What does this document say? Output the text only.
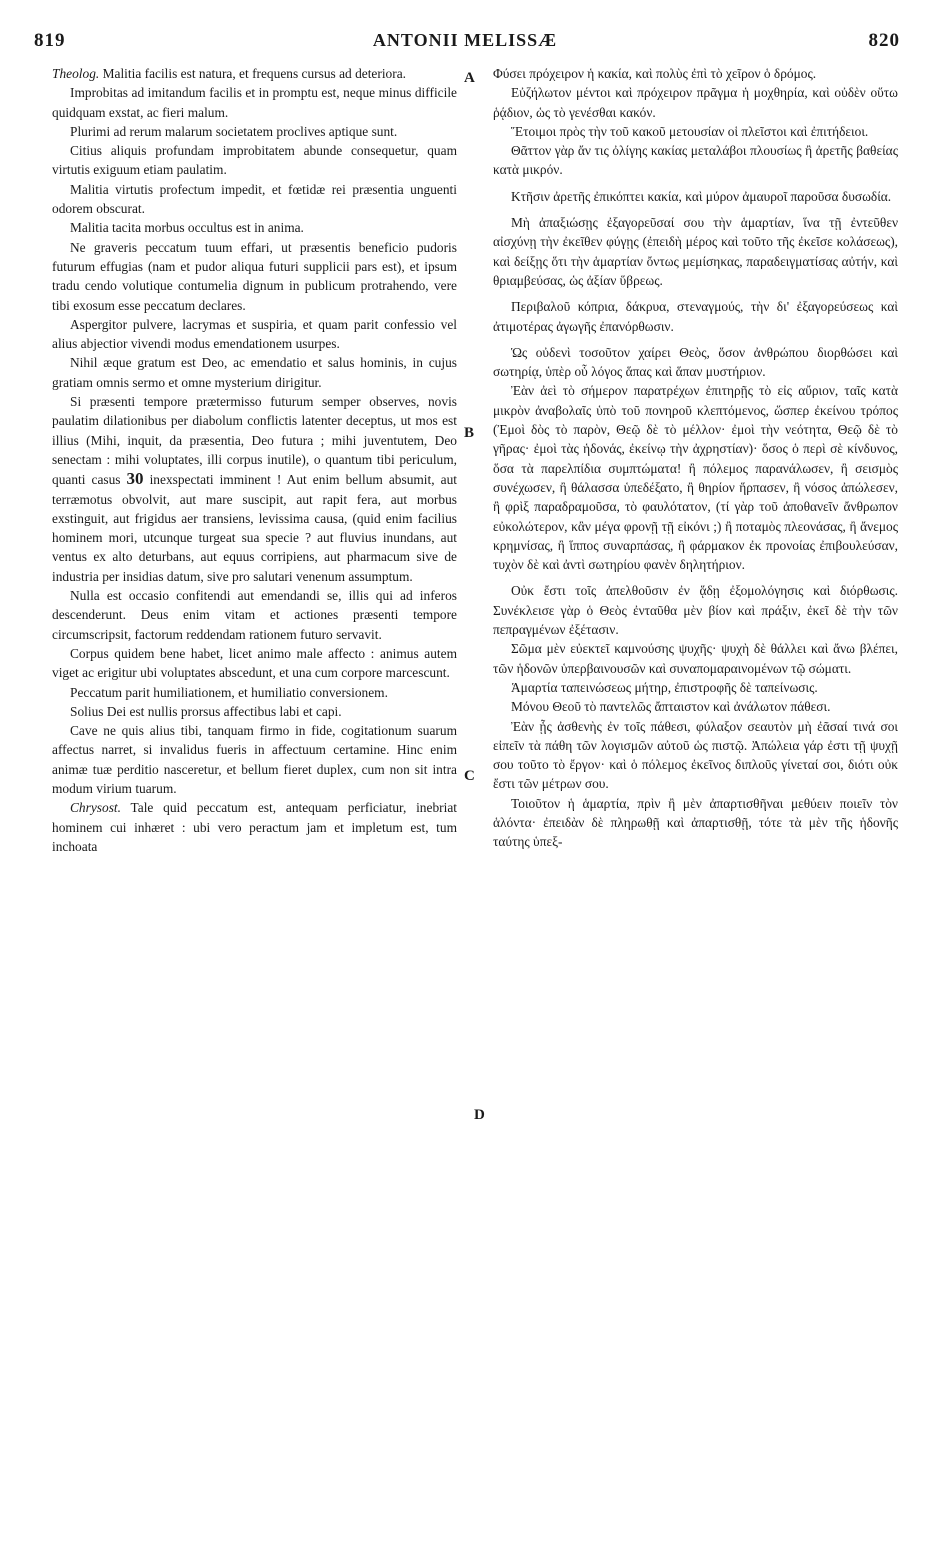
819	ANTONII MELISSÆ	820
A
B
C
D

Theolog. Malitia facilis est natura, et frequens cursus ad deteriora.

Improbitas ad imitandum facilis et in promptu est, neque minus difficile quidquam exstat, ac fieri malum.

Plurimi ad rerum malarum societatem proclives aptique sunt.

Citius aliquis profundam improbitatem abunde consequetur, quam virtutis exiguum etiam paulatim.

Malitia virtutis profectum impedit, et fœtidæ rei præsentia unguenti odorem obscurat.

Malitia tacita morbus occultus est in anima.

Ne graveris peccatum tuum effari, ut præsentis beneficio pudoris futurum effugias (nam et pudor aliqua futuri supplicii pars est), et ipsum tradu cendo volutique contumelia dignum in publicum protrahendo, vere tibi exosum esse peccatum declares.

Aspergitor pulvere, lacrymas et suspiria, et quam parit confessio vel alius abjectior vivendi modus emendationem usurpes.

Nihil æque gratum est Deo, ac emendatio et salus hominis, in cujus gratiam omnis sermo et omne mysterium dirigitur.

Si præsenti tempore prætermisso futurum semper observes, novis paulatim dilationibus per diabolum conflictis latenter deceptus, ut mos est illius (Mihi, inquit, da præsentia, Deo futura ; mihi juventutem, Deo senectam : mihi voluptates, illi corpus inutile), o quantum tibi periculum, quanti casus 30 inexspectati imminent ! Aut enim bellum absumit, aut terræmotus obvolvit, aut mare suscipit, aut rapit fera, aut morbus exstinguit, aut frigidus aer transiens, levissima causa, (quid enim facilius hominem mori, utcunque turgeat sua specie ? aut fluvius inundans, aut ventus ex alto deturbans, aut equus corripiens, aut pharmacum sive de industria per insidias datum, sive pro salutari venenum assumptum.

Nulla est occasio confitendi aut emendandi se, illis qui ad inferos descenderunt. Deus enim vitam et actiones præsenti tempore circumscripsit, factorum reddendam rationem futuro servavit.

Corpus quidem bene habet, licet animo male affecto : animus autem viget ac erigitur ubi voluptates abscedunt, et una cum corpore marcescunt.

Peccatum parit humiliationem, et humiliatio conversionem.

Solius Dei est nullis prorsus affectibus labi et capi.

Cave ne quis alius tibi, tanquam firmo in fide, cogitationum suarum affectus narret, si invalidus fueris in affectuum certamine. Hinc enim animæ tuæ perditio nasceretur, et bellum fieret duplex, cum non sit intra modum virium tuarum.

Chrysost. Tale quid peccatum est, antequam perficiatur, inebriat hominem cui inhæret : ubi vero peractum jam et impletum est, tum inchoata

Φύσει πρόχειρον ἡ κακία, καὶ πολὺς ἐπὶ τὸ χεῖρον ὁ δρόμος.

Εὐζήλωτον μέντοι καὶ πρόχειρον πρᾶγμα ἡ μοχθηρία, καὶ οὐδὲν οὕτω ῥᾴδιον, ὡς τὸ γενέσθαι κακόν.

Ἕτοιμοι πρὸς τὴν τοῦ κακοῦ μετουσίαν οἱ πλεῖστοι καὶ ἐπιτήδειοι.

Θᾶττον γὰρ ἄν τις ὀλίγης κακίας μεταλάβοι πλουσίως ἢ ἀρετῆς βαθείας κατὰ μικρόν.

Κτῆσιν ἀρετῆς ἐπικόπτει κακία, καὶ μύρον ἀμαυροῖ παροῦσα δυσωδία.

Μὴ ἀπαξιώσῃς ἐξαγορεῦσαί σου τὴν ἁμαρτίαν, ἵνα τῇ ἐντεῦθεν αἰσχύνῃ τὴν ἐκεῖθεν φύγῃς (ἐπειδὴ μέρος καὶ τοῦτο τῆς ἐκεῖσε κολάσεως), καὶ δείξῃς ὅτι τὴν ἁμαρτίαν ὄντως μεμίσηκας, παραδειγματίσας αὐτήν, καὶ θριαμβεύσας, ὡς ἀξίαν ὕβρεως.

Περιβαλοῦ κόπρια, δάκρυα, στεναγμούς, τὴν δι' ἐξαγορεύσεως καὶ ἀτιμοτέρας ἀγωγῆς ἐπανόρθωσιν.

Ὡς οὐδενὶ τοσοῦτον χαίρει Θεὸς, ὅσον ἀνθρώπου διορθώσει καὶ σωτηρίᾳ, ὑπὲρ οὗ λόγος ἅπας καὶ ἅπαν μυστήριον.

Ἐὰν ἀεὶ τὸ σήμερον παρατρέχων ἐπιτηρῇς τὸ εἰς αὔριον, ταῖς κατὰ μικρὸν ἀναβολαῖς ὑπὸ τοῦ πονηροῦ κλεπτόμενος, ὥσπερ ἐκείνου τρόπος (Ἐμοὶ δὸς τὸ παρὸν, Θεῷ δὲ τὸ μέλλον· ἐμοὶ τὴν νεότητα, Θεῷ δὲ τὸ γῆρας· ἐμοὶ τὰς ἡδονάς, ἐκείνῳ τὴν ἀχρηστίαν)· ὅσος ὁ περὶ σὲ κίνδυνος, ὅσα τὰ παρελπίδια συμπτώματα! ἢ πόλεμος παρανάλωσεν, ἢ σεισμὸς συνέχωσεν, ἢ θάλασσα ὑπεδέξατο, ἢ θηρίον ἥρπασεν, ἢ νόσος ἀπώλεσεν, ἢ φρὶξ παραδραμοῦσα, τὸ φαυλότατον, (τί γὰρ τοῦ ἀποθανεῖν ἄνθρωπον εὐκολώτερον, κἂν μέγα φρονῇ τῇ εἰκόνι ;) ἢ ποταμὸς πλεονάσας, ἢ ἄνεμος κρημνίσας, ἢ ἵππος συναρπάσας, ἢ φάρμακον ἐκ προνοίας ἐπιβουλεύσαν, τυχὸν δὲ καὶ ἀντὶ σωτηρίου φανὲν δηλητήριον.

Οὐκ ἔστι τοῖς ἀπελθοῦσιν ἐν ᾅδῃ ἐξομολόγησις καὶ διόρθωσις. Συνέκλεισε γὰρ ὁ Θεὸς ἐνταῦθα μὲν βίον καὶ πράξιν, ἐκεῖ δὲ τὴν τῶν πεπραγμένων ἐξέτασιν.

Σῶμα μὲν εὐεκτεῖ καμνούσης ψυχῆς· ψυχὴ δὲ θάλλει καὶ ἄνω βλέπει, τῶν ἡδονῶν ὑπερβαινουσῶν καὶ συναπομαραινομένων τῷ σώματι.

Ἁμαρτία ταπεινώσεως μήτηρ, ἐπιστροφῆς δὲ ταπείνωσις.

Μόνου Θεοῦ τὸ παντελῶς ἄπταιστον καὶ ἀνάλωτον πάθεσι.

Ἐὰν ᾖς ἀσθενὴς ἐν τοῖς πάθεσι, φύλαξον σεαυτὸν μὴ ἐᾶσαί τινά σοι εἰπεῖν τὰ πάθη τῶν λογισμῶν αὐτοῦ ὡς πιστῷ. Ἀπώλεια γάρ ἐστι τῇ ψυχῇ σου τοῦτο τὸ ἔργον· καὶ ὁ πόλεμος ἐκεῖνος διπλοῦς γίνεταί σοι, διότι οὐκ ἔστι τῶν μέτρων σου.

Τοιοῦτον ἡ ἁμαρτία, πρὶν ἢ μὲν ἀπαρτισθῆναι μεθύειν ποιεῖν τὸν ἁλόντα· ἐπειδὰν δὲ πληρωθῇ καὶ ἀπαρτισθῇ, τότε τὰ μὲν τῆς ἡδονῆς ταύτης ὑπεξ-
